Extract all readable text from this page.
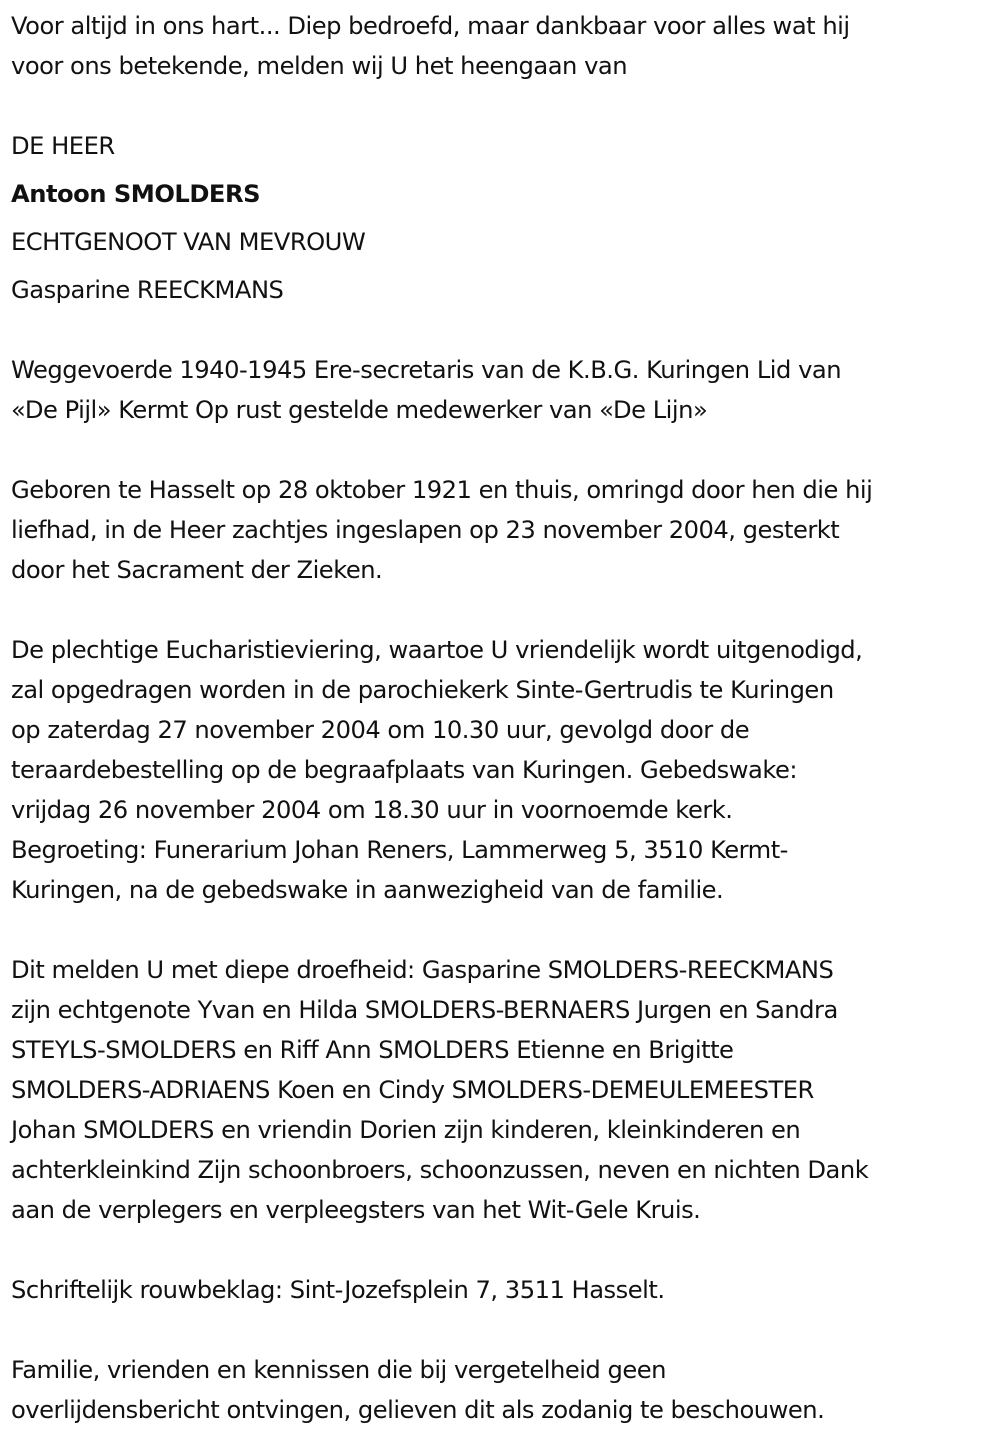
Voor altijd in ons hart... Diep bedroefd, maar dankbaar voor alles wat hij
voor ons betekende, melden wij U het heengaan van
DE HEER
Antoon SMOLDERS
ECHTGENOOT VAN MEVROUW
Gasparine REECKMANS
Weggevoerde 1940-1945 Ere-secretaris van de K.B.G. Kuringen Lid van
«De Pijl» Kermt Op rust gestelde medewerker van «De Lijn»
Geboren te Hasselt op 28 oktober 1921 en thuis, omringd door hen die hij
liefhad, in de Heer zachtjes ingeslapen op 23 november 2004, gesterkt
door het Sacrament der Zieken.
De plechtige Eucharistieviering, waartoe U vriendelijk wordt uitgenodigd,
zal opgedragen worden in de parochiekerk Sinte-Gertrudis te Kuringen
op zaterdag 27 november 2004 om 10.30 uur, gevolgd door de
teraardebestelling op de begraafplaats van Kuringen. Gebedswake:
vrijdag 26 november 2004 om 18.30 uur in voornoemde kerk.
Begroeting: Funerarium Johan Reners, Lammerweg 5, 3510 Kermt-
Kuringen, na de gebedswake in aanwezigheid van de familie.
Dit melden U met diepe droefheid: Gasparine SMOLDERS-REECKMANS
zijn echtgenote Yvan en Hilda SMOLDERS-BERNAERS Jurgen en Sandra
STEYLS-SMOLDERS en Riff Ann SMOLDERS Etienne en Brigitte
SMOLDERS-ADRIAENS Koen en Cindy SMOLDERS-DEMEULEMEESTER
Johan SMOLDERS en vriendin Dorien zijn kinderen, kleinkinderen en
achterkleinkind Zijn schoonbroers, schoonzussen, neven en nichten Dank
aan de verplegers en verpleegsters van het Wit-Gele Kruis.
Schriftelijk rouwbeklag: Sint-Jozefsplein 7, 3511 Hasselt.
Familie, vrienden en kennissen die bij vergetelheid geen
overlijdensbericht ontvingen, gelieven dit als zodanig te beschouwen.
